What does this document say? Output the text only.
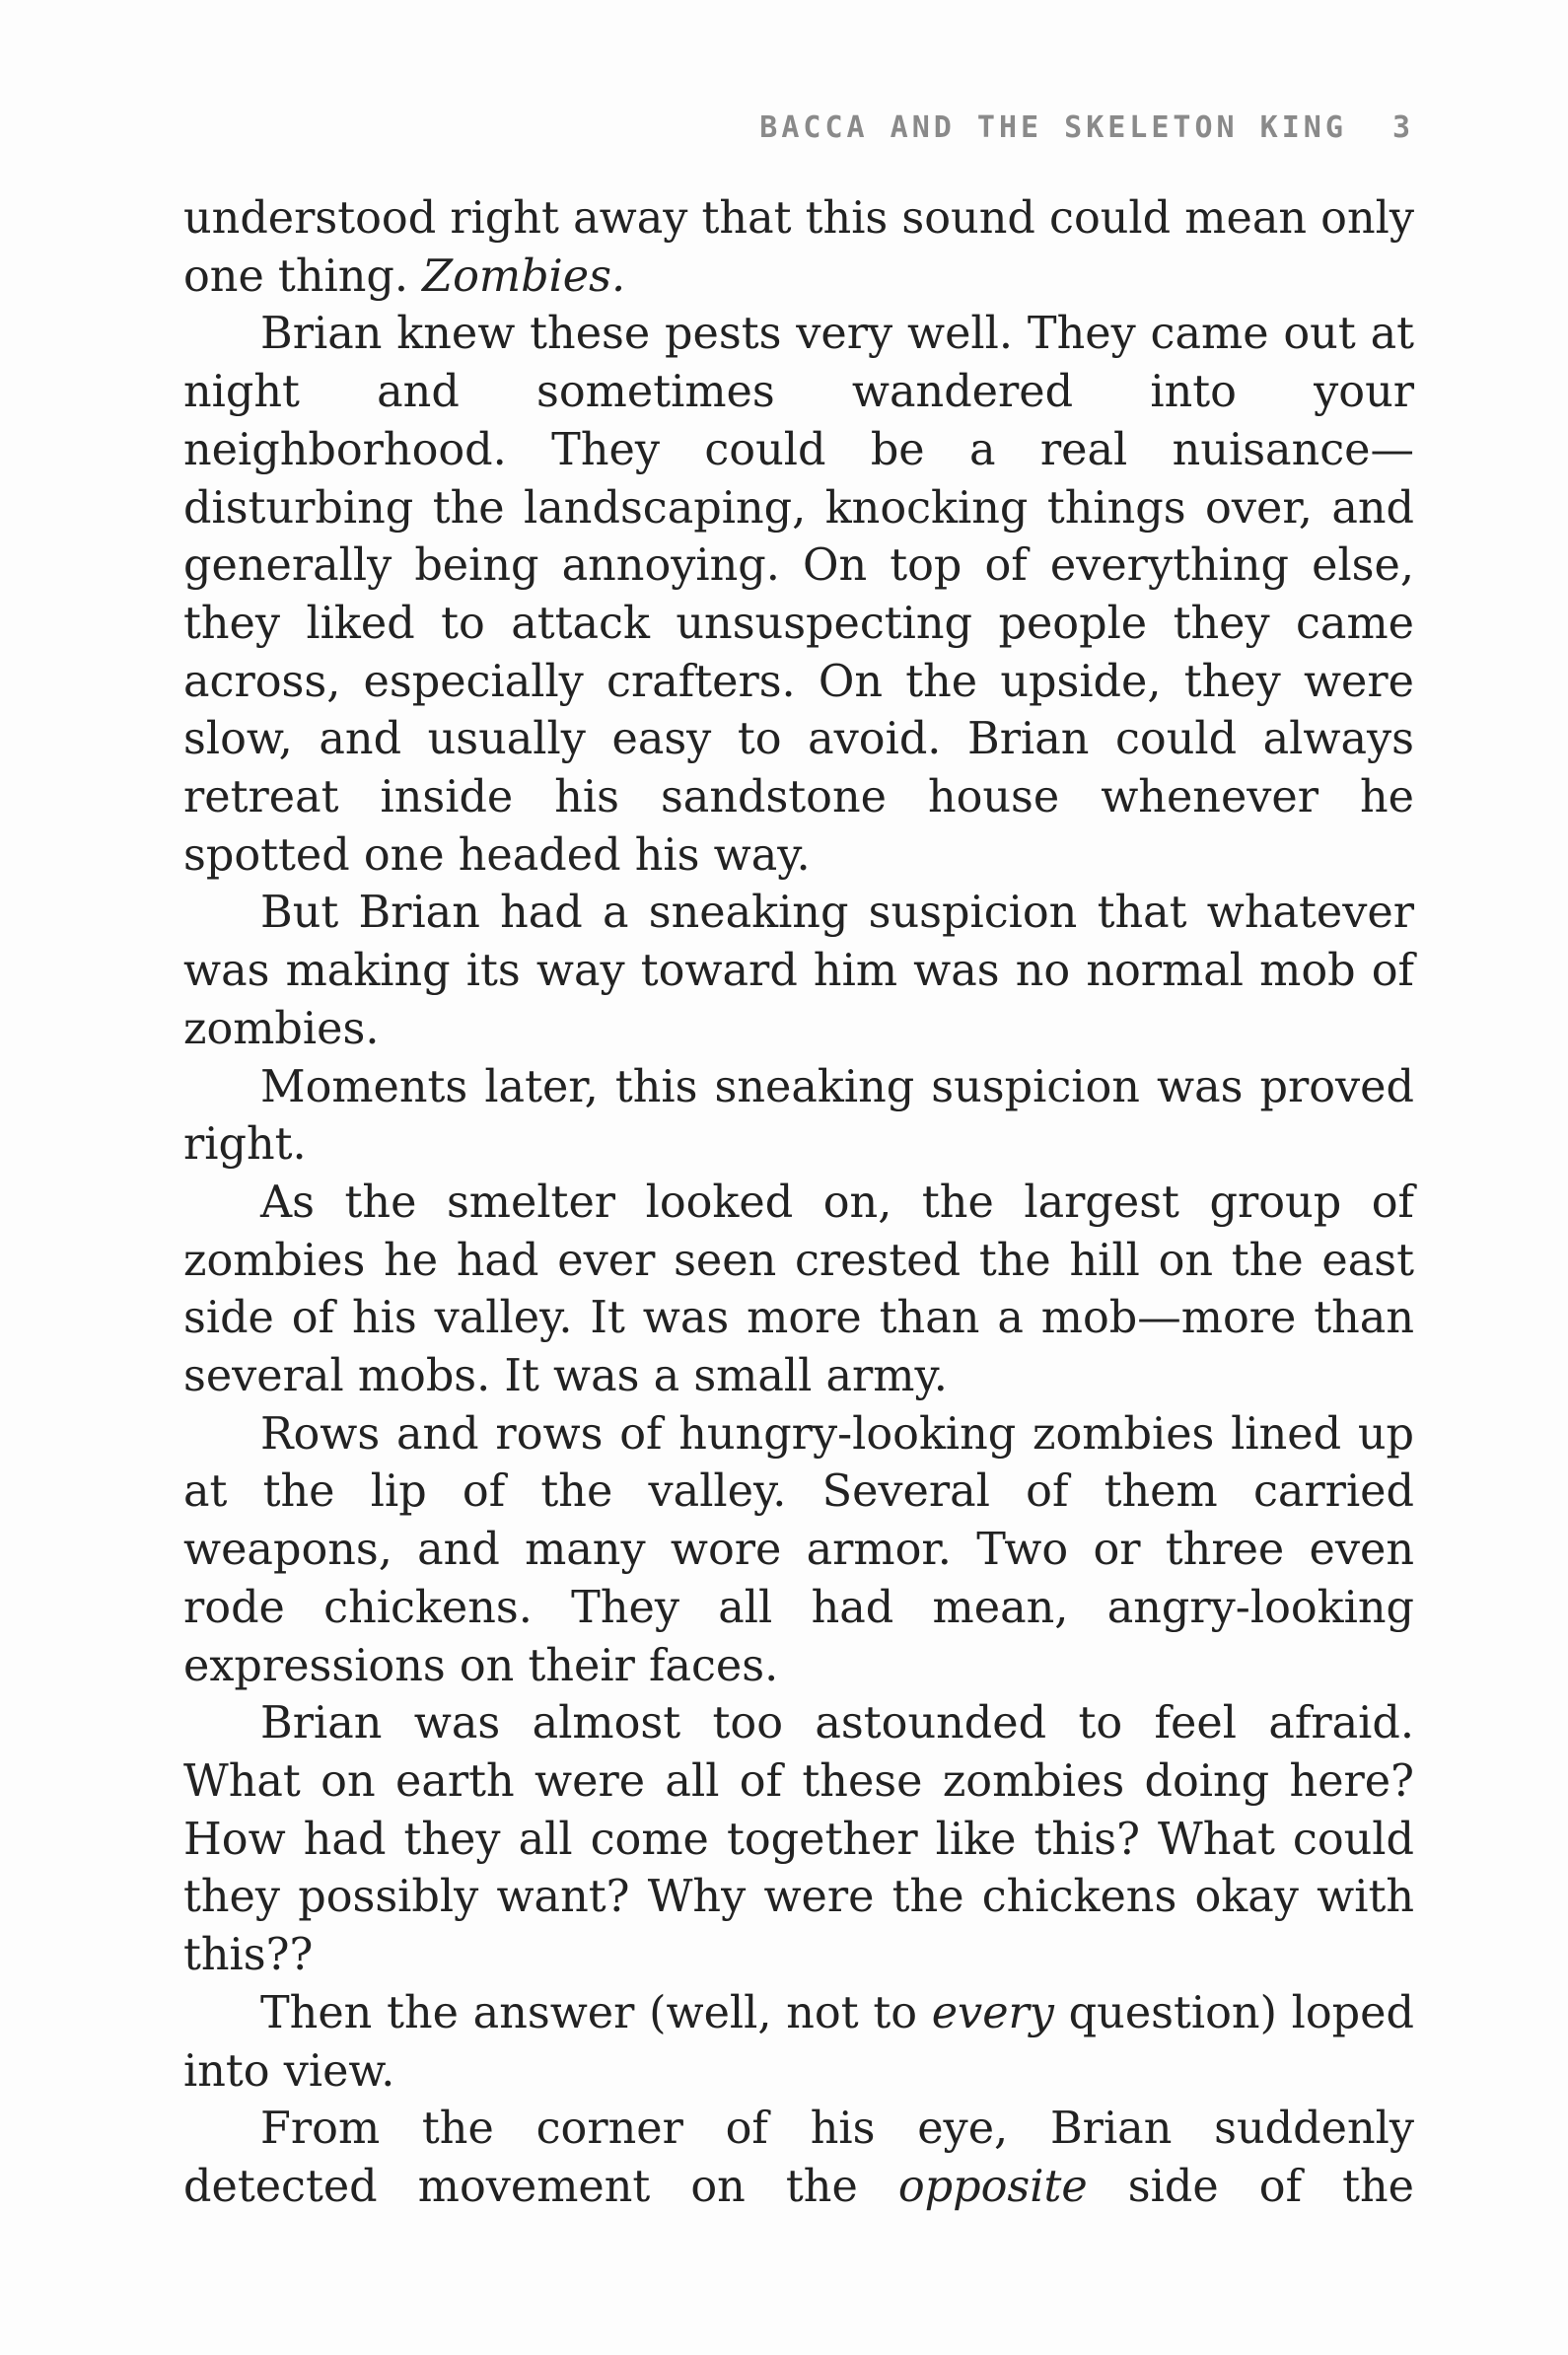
BACCA AND THE SKELETON KING 3

understood right away that this sound could mean only one thing. Zombies.

Brian knew these pests very well. They came out at night and sometimes wandered into your neighborhood. They could be a real nuisance—disturbing the landscaping, knocking things over, and generally being annoying. On top of everything else, they liked to attack unsuspecting people they came across, especially crafters. On the upside, they were slow, and usually easy to avoid. Brian could always retreat inside his sandstone house whenever he spotted one headed his way.

But Brian had a sneaking suspicion that whatever was making its way toward him was no normal mob of zombies.

Moments later, this sneaking suspicion was proved right.

As the smelter looked on, the largest group of zombies he had ever seen crested the hill on the east side of his valley. It was more than a mob—more than several mobs. It was a small army.

Rows and rows of hungry-looking zombies lined up at the lip of the valley. Several of them carried weapons, and many wore armor. Two or three even rode chickens. They all had mean, angry-looking expressions on their faces.

Brian was almost too astounded to feel afraid. What on earth were all of these zombies doing here? How had they all come together like this? What could they possibly want? Why were the chickens okay with this??

Then the answer (well, not to every question) loped into view.

From the corner of his eye, Brian suddenly detected movement on the opposite side of the
